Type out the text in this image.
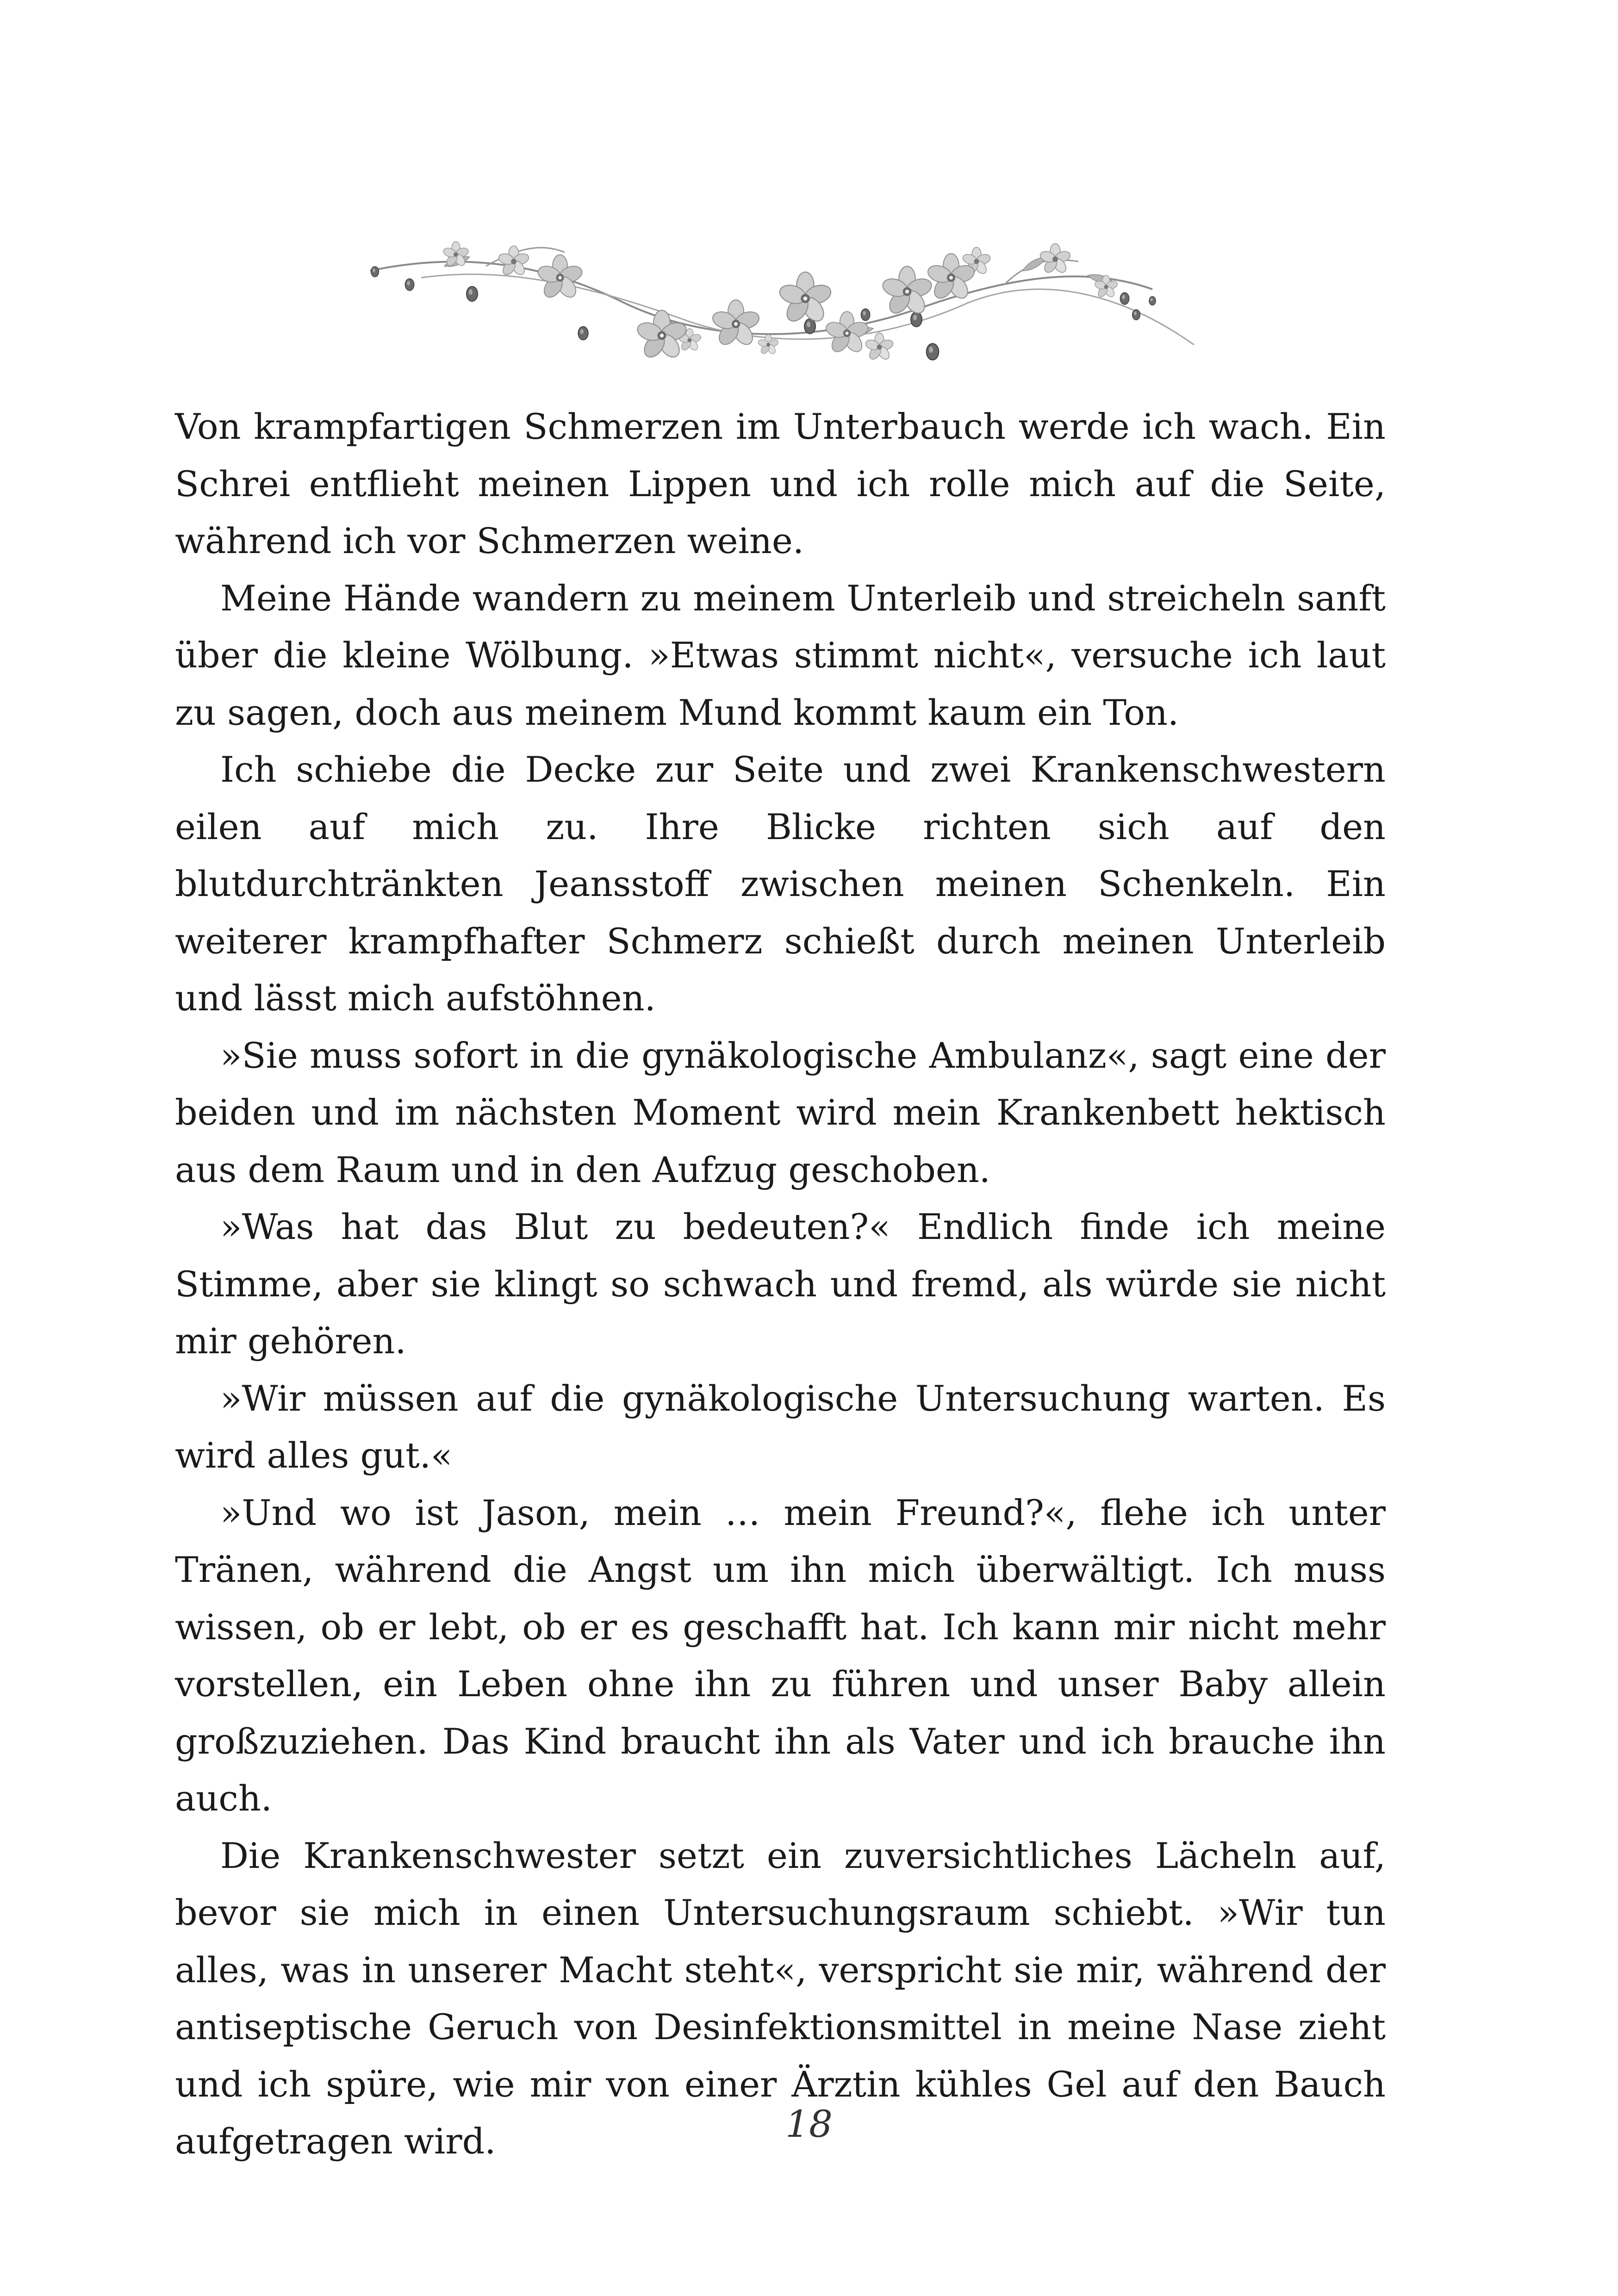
Von krampfartigen Schmerzen im Unterbauch werde ich wach. Ein Schrei entflieht meinen Lippen und ich rolle mich auf die Seite, während ich vor Schmerzen weine.

Meine Hände wandern zu meinem Unterleib und streicheln sanft über die kleine Wölbung. »Etwas stimmt nicht«, versuche ich laut zu sagen, doch aus meinem Mund kommt kaum ein Ton.

Ich schiebe die Decke zur Seite und zwei Krankenschwestern eilen auf mich zu. Ihre Blicke richten sich auf den blutdurchtränkten Jeansstoff zwischen meinen Schenkeln. Ein weiterer krampfhafter Schmerz schießt durch meinen Unterleib und lässt mich aufstöhnen.

»Sie muss sofort in die gynäkologische Ambulanz«, sagt eine der beiden und im nächsten Moment wird mein Krankenbett hektisch aus dem Raum und in den Aufzug geschoben.

»Was hat das Blut zu bedeuten?« Endlich finde ich meine Stimme, aber sie klingt so schwach und fremd, als würde sie nicht mir gehören.

»Wir müssen auf die gynäkologische Untersuchung warten. Es wird alles gut.«

»Und wo ist Jason, mein … mein Freund?«, flehe ich unter Tränen, während die Angst um ihn mich überwältigt. Ich muss wissen, ob er lebt, ob er es geschafft hat. Ich kann mir nicht mehr vorstellen, ein Leben ohne ihn zu führen und unser Baby allein großzuziehen. Das Kind braucht ihn als Vater und ich brauche ihn auch.

Die Krankenschwester setzt ein zuversichtliches Lächeln auf, bevor sie mich in einen Untersuchungsraum schiebt. »Wir tun alles, was in unserer Macht steht«, verspricht sie mir, während der antiseptische Geruch von Desinfektionsmittel in meine Nase zieht und ich spüre, wie mir von einer Ärztin kühles Gel auf den Bauch aufgetragen wird.	18
